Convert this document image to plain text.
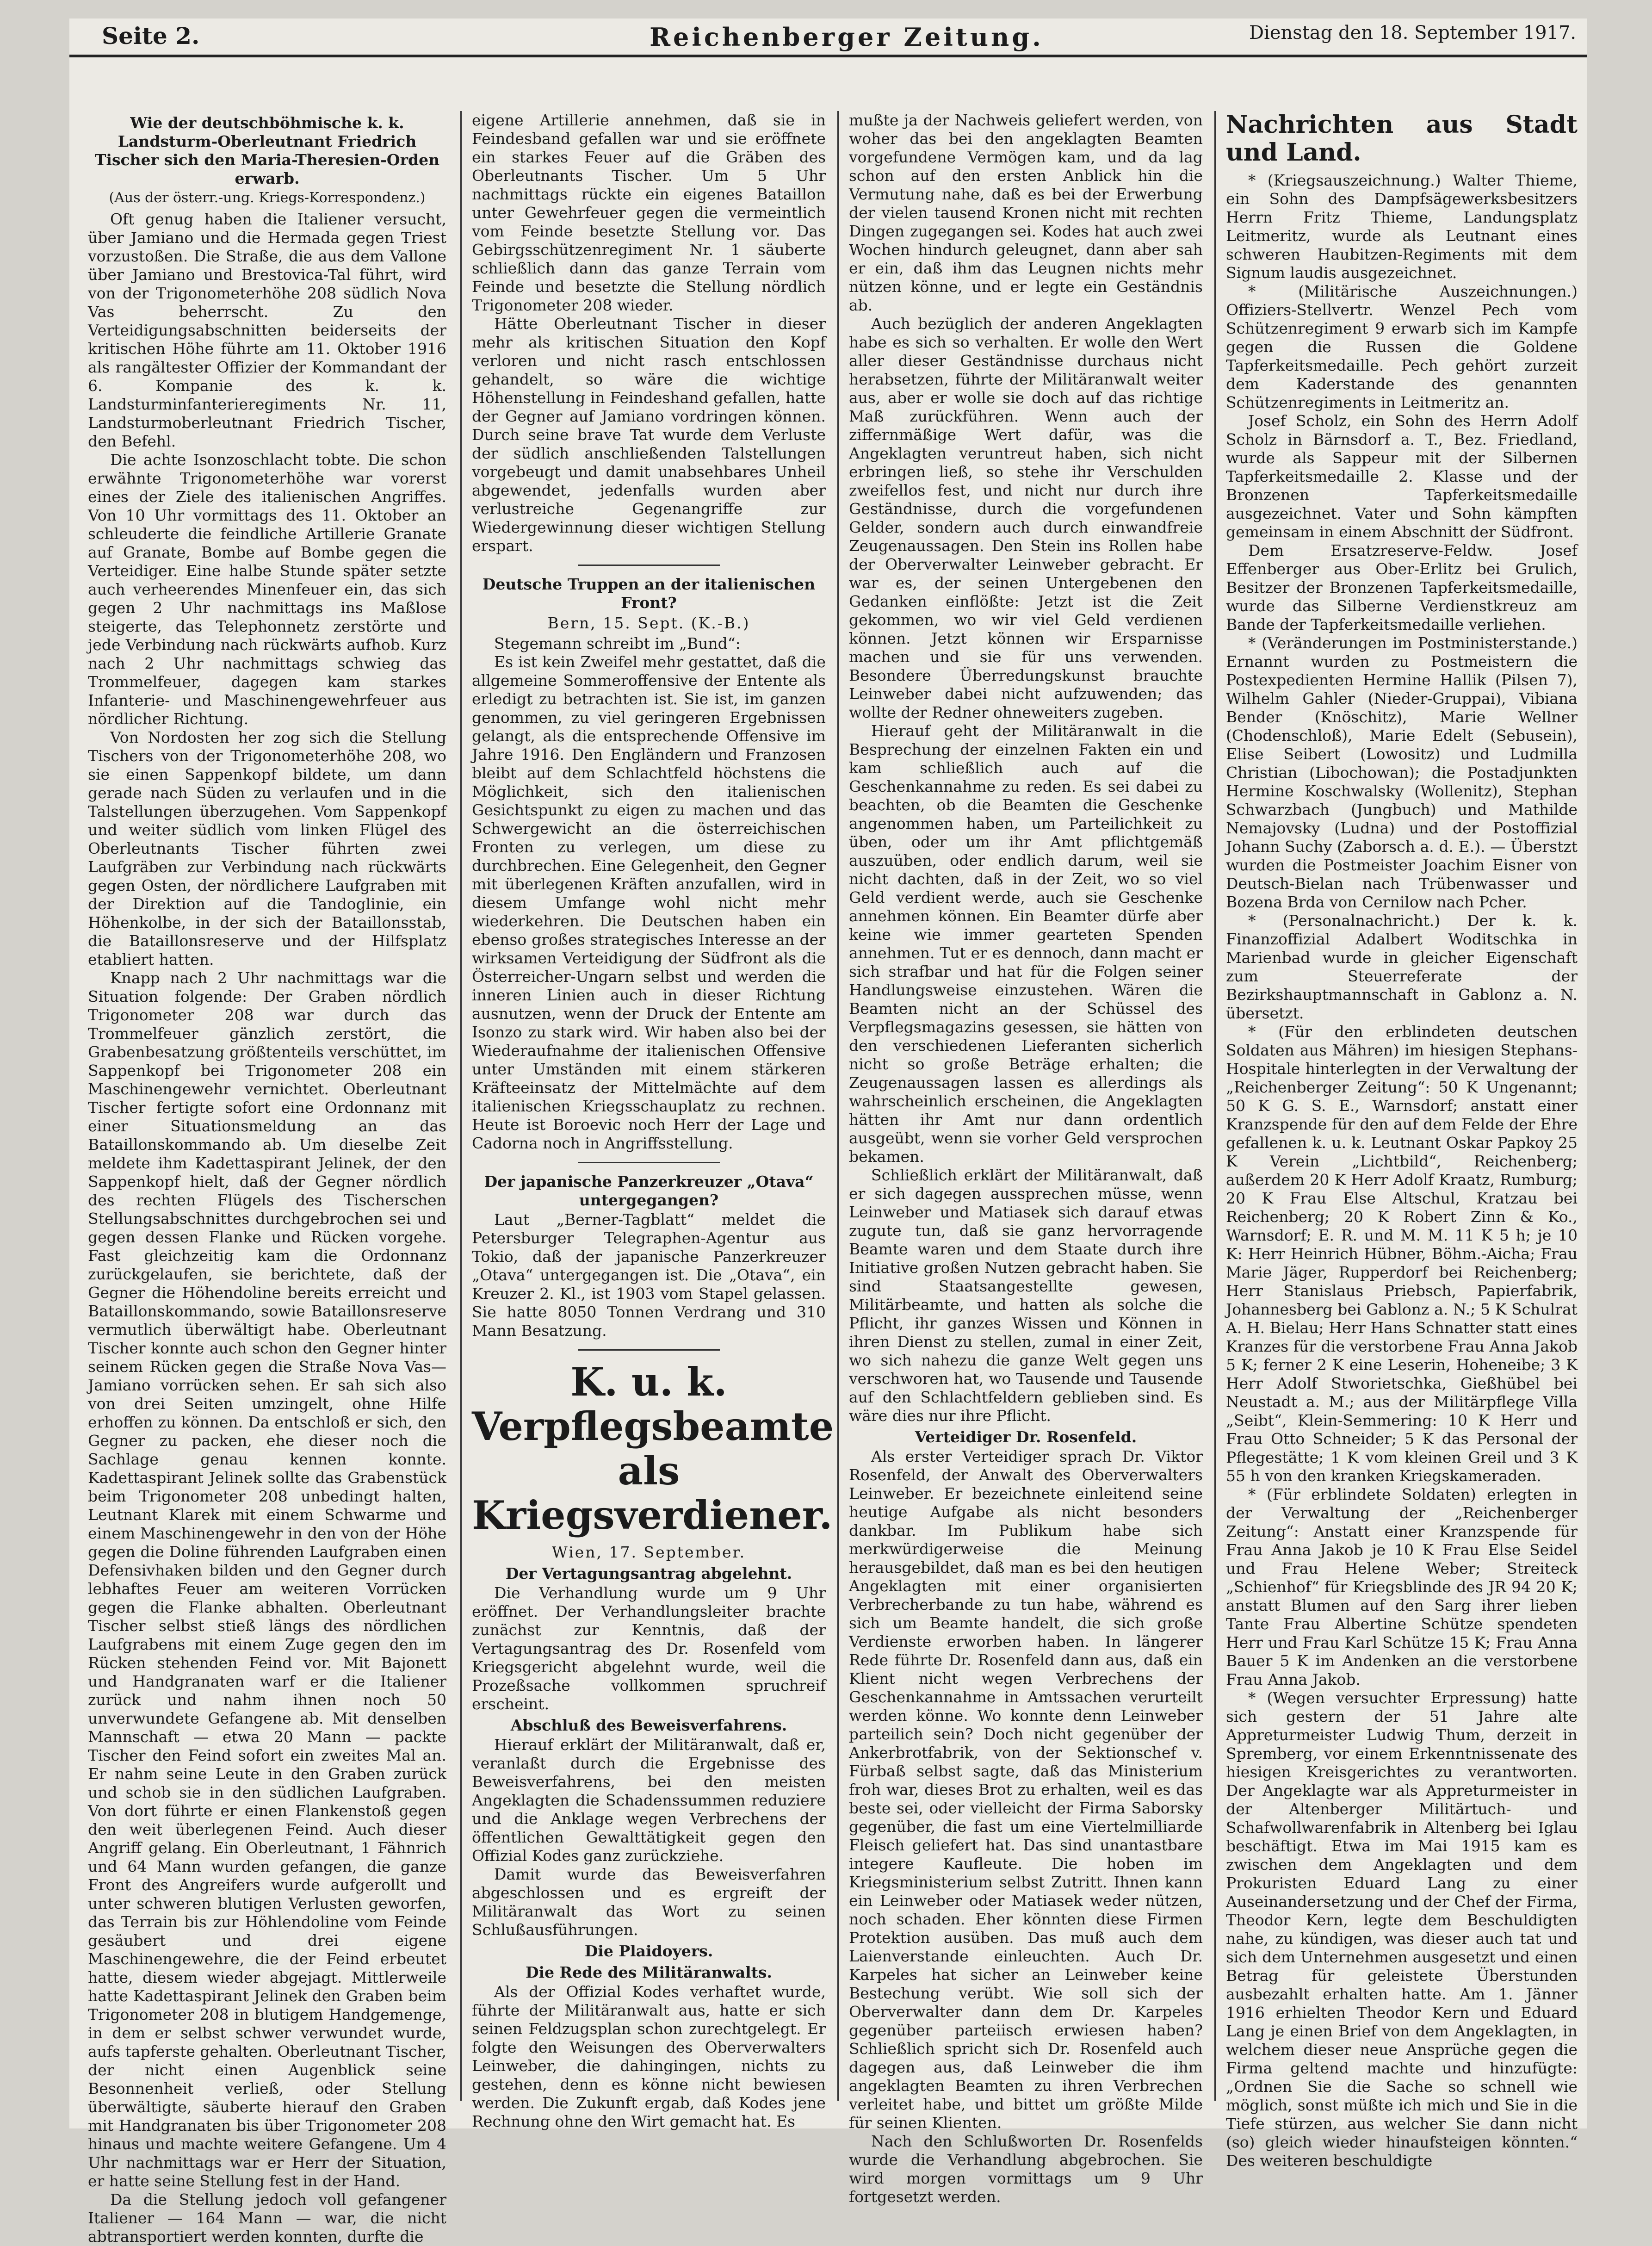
Seite 2.	Reichenberger Zeitung.	Dienstag den 18. September 1917.
Wie der deutschböhmische k. k. Landsturm-Oberleutnant Friedrich Tischer sich den Maria-Theresien-Orden erwarb.
(Aus der österr.-ung. Kriegs-Korrespondenz.)

Oft genug haben die Italiener versucht, über Jamiano und die Hermada gegen Triest vorzustoßen. Die Straße, die aus dem Vallone über Jamiano und Brestovica-Tal führt, wird von der Trigonometerhöhe 208 südlich Nova Vas beherrscht. Zu den Verteidigungsabschnitten beiderseits der kritischen Höhe führte am 11. Oktober 1916 als rangältester Offizier der Kommandant der 6. Kompanie des k. k. Landsturminfanterieregiments Nr. 11, Landsturmoberleutnant Friedrich Tischer, den Befehl.

Die achte Isonzoschlacht tobte. Die schon erwähnte Trigonometerhöhe war vorerst eines der Ziele des italienischen Angriffes. Von 10 Uhr vormittags des 11. Oktober an schleuderte die feindliche Artillerie Granate auf Granate, Bombe auf Bombe gegen die Verteidiger. Eine halbe Stunde später setzte auch verheerendes Minenfeuer ein, das sich gegen 2 Uhr nachmittags ins Maßlose steigerte, das Telephonnetz zerstörte und jede Verbindung nach rückwärts aufhob. Kurz nach 2 Uhr nachmittags schwieg das Trommelfeuer, dagegen kam starkes Infanterie- und Maschinengewehrfeuer aus nördlicher Richtung.

Von Nordosten her zog sich die Stellung Tischers von der Trigonometerhöhe 208, wo sie einen Sappenkopf bildete, um dann gerade nach Süden zu verlaufen und in die Talstellungen überzugehen. Vom Sappenkopf und weiter südlich vom linken Flügel des Oberleutnants Tischer führten zwei Laufgräben zur Verbindung nach rückwärts gegen Osten, der nördlichere Laufgraben mit der Direktion auf die Tandoglinie, ein Höhenkolbe, in der sich der Bataillonsstab, die Bataillonsreserve und der Hilfsplatz etabliert hatten.

Knapp nach 2 Uhr nachmittags war die Situation folgende: Der Graben nördlich Trigonometer 208 war durch das Trommelfeuer gänzlich zerstört, die Grabenbesatzung größtenteils verschüttet, im Sappenkopf bei Trigonometer 208 ein Maschinengewehr vernichtet. Oberleutnant Tischer fertigte sofort eine Ordonnanz mit einer Situationsmeldung an das Bataillonskommando ab. Um dieselbe Zeit meldete ihm Kadettaspirant Jelinek, der den Sappenkopf hielt, daß der Gegner nördlich des rechten Flügels des Tischerschen Stellungsabschnittes durchgebrochen sei und gegen dessen Flanke und Rücken vorgehe. Fast gleichzeitig kam die Ordonnanz zurückgelaufen, sie berichtete, daß der Gegner die Höhendoline bereits erreicht und Bataillonskommando, sowie Bataillonsreserve vermutlich überwältigt habe. Oberleutnant Tischer konnte auch schon den Gegner hinter seinem Rücken gegen die Straße Nova Vas—Jamiano vorrücken sehen. Er sah sich also von drei Seiten umzingelt, ohne Hilfe erhoffen zu können. Da entschloß er sich, den Gegner zu packen, ehe dieser noch die Sachlage genau kennen konnte. Kadettaspirant Jelinek sollte das Grabenstück beim Trigonometer 208 unbedingt halten, Leutnant Klarek mit einem Schwarme und einem Maschinengewehr in den von der Höhe gegen die Doline führenden Laufgraben einen Defensivhaken bilden und den Gegner durch lebhaftes Feuer am weiteren Vorrücken gegen die Flanke abhalten. Oberleutnant Tischer selbst stieß längs des nördlichen Laufgrabens mit einem Zuge gegen den im Rücken stehenden Feind vor. Mit Bajonett und Handgranaten warf er die Italiener zurück und nahm ihnen noch 50 unverwundete Gefangene ab. Mit denselben Mannschaft — etwa 20 Mann — packte Tischer den Feind sofort ein zweites Mal an. Er nahm seine Leute in den Graben zurück und schob sie in den südlichen Laufgraben. Von dort führte er einen Flankenstoß gegen den weit überlegenen Feind. Auch dieser Angriff gelang. Ein Oberleutnant, 1 Fähnrich und 64 Mann wurden gefangen, die ganze Front des Angreifers wurde aufgerollt und unter schweren blutigen Verlusten geworfen, das Terrain bis zur Höhlendoline vom Feinde gesäubert und drei eigene Maschinengewehre, die der Feind erbeutet hatte, diesem wieder abgejagt. Mittlerweile hatte Kadettaspirant Jelinek den Graben beim Trigonometer 208 in blutigem Handgemenge, in dem er selbst schwer verwundet wurde, aufs tapferste gehalten. Oberleutnant Tischer, der nicht einen Augenblick seine Besonnenheit verließ, oder Stellung überwältigte, säuberte hierauf den Graben mit Handgranaten bis über Trigonometer 208 hinaus und machte weitere Gefangene. Um 4 Uhr nachmittags war er Herr der Situation, er hatte seine Stellung fest in der Hand.

Da die Stellung jedoch voll gefangener Italiener — 164 Mann — war, die nicht abtransportiert werden konnten, durfte die

eigene Artillerie annehmen, daß sie in Feindesband gefallen war und sie eröffnete ein starkes Feuer auf die Gräben des Oberleutnants Tischer. Um 5 Uhr nachmittags rückte ein eigenes Bataillon unter Gewehrfeuer gegen die vermeintlich vom Feinde besetzte Stellung vor. Das Gebirgsschützenregiment Nr. 1 säuberte schließlich dann das ganze Terrain vom Feinde und besetzte die Stellung nördlich Trigonometer 208 wieder.

Hätte Oberleutnant Tischer in dieser mehr als kritischen Situation den Kopf verloren und nicht rasch entschlossen gehandelt, so wäre die wichtige Höhenstellung in Feindeshand gefallen, hatte der Gegner auf Jamiano vordringen können. Durch seine brave Tat wurde dem Verluste der südlich anschließenden Talstellungen vorgebeugt und damit unabsehbares Unheil abgewendet, jedenfalls wurden aber verlustreiche Gegenangriffe zur Wiedergewinnung dieser wichtigen Stellung erspart.

Deutsche Truppen an der italienischen Front?
Bern, 15. Sept. (K.-B.)

Stegemann schreibt im „Bund“:

Es ist kein Zweifel mehr gestattet, daß die allgemeine Sommeroffensive der Entente als erledigt zu betrachten ist. Sie ist, im ganzen genommen, zu viel geringeren Ergebnissen gelangt, als die entsprechende Offensive im Jahre 1916. Den Engländern und Franzosen bleibt auf dem Schlachtfeld höchstens die Möglichkeit, sich den italienischen Gesichtspunkt zu eigen zu machen und das Schwergewicht an die österreichischen Fronten zu verlegen, um diese zu durchbrechen. Eine Gelegenheit, den Gegner mit überlegenen Kräften anzufallen, wird in diesem Umfange wohl nicht mehr wiederkehren. Die Deutschen haben ein ebenso großes strategisches Interesse an der wirksamen Verteidigung der Südfront als die Österreicher-Ungarn selbst und werden die inneren Linien auch in dieser Richtung ausnutzen, wenn der Druck der Entente am Isonzo zu stark wird. Wir haben also bei der Wiederaufnahme der italienischen Offensive unter Umständen mit einem stärkeren Kräfteeinsatz der Mittelmächte auf dem italienischen Kriegsschauplatz zu rechnen. Heute ist Boroevic noch Herr der Lage und Cadorna noch in Angriffsstellung.

Der japanische Panzerkreuzer „Otava“ untergegangen?

Laut „Berner-Tagblatt“ meldet die Petersburger Telegraphen-Agentur aus Tokio, daß der japanische Panzerkreuzer „Otava“ untergegangen ist. Die „Otava“, ein Kreuzer 2. Kl., ist 1903 vom Stapel gelassen. Sie hatte 8050 Tonnen Verdrang und 310 Mann Besatzung.

K. u. k. Verpflegsbeamte als Kriegsverdiener.
Wien, 17. September.
Der Vertagungsantrag abgelehnt.

Die Verhandlung wurde um 9 Uhr eröffnet. Der Verhandlungsleiter brachte zunächst zur Kenntnis, daß der Vertagungsantrag des Dr. Rosenfeld vom Kriegsgericht abgelehnt wurde, weil die Prozeßsache vollkommen spruchreif erscheint.

Abschluß des Beweisverfahrens.

Hierauf erklärt der Militäranwalt, daß er, veranlaßt durch die Ergebnisse des Beweisverfahrens, bei den meisten Angeklagten die Schadenssummen reduziere und die Anklage wegen Verbrechens der öffentlichen Gewalttätigkeit gegen den Offizial Kodes ganz zurückziehe.

Damit wurde das Beweisverfahren abgeschlossen und es ergreift der Militäranwalt das Wort zu seinen Schlußausführungen.

Die Plaidoyers.
Die Rede des Militäranwalts.

Als der Offizial Kodes verhaftet wurde, führte der Militäranwalt aus, hatte er sich seinen Feldzugsplan schon zurechtgelegt. Er folgte den Weisungen des Oberverwalters Leinweber, die dahingingen, nichts zu gestehen, denn es könne nicht bewiesen werden. Die Zukunft ergab, daß Kodes jene Rechnung ohne den Wirt gemacht hat. Es

mußte ja der Nachweis geliefert werden, von woher das bei den angeklagten Beamten vorgefundene Vermögen kam, und da lag schon auf den ersten Anblick hin die Vermutung nahe, daß es bei der Erwerbung der vielen tausend Kronen nicht mit rechten Dingen zugegangen sei. Kodes hat auch zwei Wochen hindurch geleugnet, dann aber sah er ein, daß ihm das Leugnen nichts mehr nützen könne, und er legte ein Geständnis ab.

Auch bezüglich der anderen Angeklagten habe es sich so verhalten. Er wolle den Wert aller dieser Geständnisse durchaus nicht herabsetzen, führte der Militäranwalt weiter aus, aber er wolle sie doch auf das richtige Maß zurückführen. Wenn auch der ziffernmäßige Wert dafür, was die Angeklagten veruntreut haben, sich nicht erbringen ließ, so stehe ihr Verschulden zweifellos fest, und nicht nur durch ihre Geständnisse, durch die vorgefundenen Gelder, sondern auch durch einwandfreie Zeugenaussagen. Den Stein ins Rollen habe der Oberverwalter Leinweber gebracht. Er war es, der seinen Untergebenen den Gedanken einflößte: Jetzt ist die Zeit gekommen, wo wir viel Geld verdienen können. Jetzt können wir Ersparnisse machen und sie für uns verwenden. Besondere Überredungskunst brauchte Leinweber dabei nicht aufzuwenden; das wollte der Redner ohneweiters zugeben.

Hierauf geht der Militäranwalt in die Besprechung der einzelnen Fakten ein und kam schließlich auch auf die Geschenkannahme zu reden. Es sei dabei zu beachten, ob die Beamten die Geschenke angenommen haben, um Parteilichkeit zu üben, oder um ihr Amt pflichtgemäß auszuüben, oder endlich darum, weil sie nicht dachten, daß in der Zeit, wo so viel Geld verdient werde, auch sie Geschenke annehmen können. Ein Beamter dürfe aber keine wie immer gearteten Spenden annehmen. Tut er es dennoch, dann macht er sich strafbar und hat für die Folgen seiner Handlungsweise einzustehen. Wären die Beamten nicht an der Schüssel des Verpflegsmagazins gesessen, sie hätten von den verschiedenen Lieferanten sicherlich nicht so große Beträge erhalten; die Zeugenaussagen lassen es allerdings als wahrscheinlich erscheinen, die Angeklagten hätten ihr Amt nur dann ordentlich ausgeübt, wenn sie vorher Geld versprochen bekamen.

Schließlich erklärt der Militäranwalt, daß er sich dagegen aussprechen müsse, wenn Leinweber und Matiasek sich darauf etwas zugute tun, daß sie ganz hervorragende Beamte waren und dem Staate durch ihre Initiative großen Nutzen gebracht haben. Sie sind Staatsangestellte gewesen, Militärbeamte, und hatten als solche die Pflicht, ihr ganzes Wissen und Können in ihren Dienst zu stellen, zumal in einer Zeit, wo sich nahezu die ganze Welt gegen uns verschworen hat, wo Tausende und Tausende auf den Schlachtfeldern geblieben sind. Es wäre dies nur ihre Pflicht.

Verteidiger Dr. Rosenfeld.

Als erster Verteidiger sprach Dr. Viktor Rosenfeld, der Anwalt des Oberverwalters Leinweber. Er bezeichnete einleitend seine heutige Aufgabe als nicht besonders dankbar. Im Publikum habe sich merkwürdigerweise die Meinung herausgebildet, daß man es bei den heutigen Angeklagten mit einer organisierten Verbrecherbande zu tun habe, während es sich um Beamte handelt, die sich große Verdienste erworben haben. In längerer Rede führte Dr. Rosenfeld dann aus, daß ein Klient nicht wegen Verbrechens der Geschenkannahme in Amtssachen verurteilt werden könne. Wo konnte denn Leinweber parteilich sein? Doch nicht gegenüber der Ankerbrotfabrik, von der Sektionschef v. Fürbaß selbst sagte, daß das Ministerium froh war, dieses Brot zu erhalten, weil es das beste sei, oder vielleicht der Firma Saborsky gegenüber, die fast um eine Viertelmilliarde Fleisch geliefert hat. Das sind unantastbare integere Kaufleute. Die hoben im Kriegsministerium selbst Zutritt. Ihnen kann ein Leinweber oder Matiasek weder nützen, noch schaden. Eher könnten diese Firmen Protektion ausüben. Das muß auch dem Laienverstande einleuchten. Auch Dr. Karpeles hat sicher an Leinweber keine Bestechung verübt. Wie soll sich der Oberverwalter dann dem Dr. Karpeles gegenüber parteiisch erwiesen haben? Schließlich spricht sich Dr. Rosenfeld auch dagegen aus, daß Leinweber die ihm angeklagten Beamten zu ihren Verbrechen verleitet habe, und bittet um größte Milde für seinen Klienten.

Nach den Schlußworten Dr. Rosenfelds wurde die Verhandlung abgebrochen. Sie wird morgen vormittags um 9 Uhr fortgesetzt werden.

Nachrichten aus Stadt und Land.

* (Kriegsauszeichnung.) Walter Thieme, ein Sohn des Dampfsägewerksbesitzers Herrn Fritz Thieme, Landungsplatz Leitmeritz, wurde als Leutnant eines schweren Haubitzen-Regiments mit dem Signum laudis ausgezeichnet.

* (Militärische Auszeichnungen.) Offiziers-Stellvertr. Wenzel Pech vom Schützenregiment 9 erwarb sich im Kampfe gegen die Russen die Goldene Tapferkeitsmedaille. Pech gehört zurzeit dem Kaderstande des genannten Schützenregiments in Leitmeritz an.

Josef Scholz, ein Sohn des Herrn Adolf Scholz in Bärnsdorf a. T., Bez. Friedland, wurde als Sappeur mit der Silbernen Tapferkeitsmedaille 2. Klasse und der Bronzenen Tapferkeitsmedaille ausgezeichnet. Vater und Sohn kämpften gemeinsam in einem Abschnitt der Südfront.

Dem Ersatzreserve-Feldw. Josef Effenberger aus Ober-Erlitz bei Grulich, Besitzer der Bronzenen Tapferkeitsmedaille, wurde das Silberne Verdienstkreuz am Bande der Tapferkeitsmedaille verliehen.

* (Veränderungen im Postministerstande.) Ernannt wurden zu Postmeistern die Postexpedienten Hermine Hallik (Pilsen 7), Wilhelm Gahler (Nieder-Gruppai), Vibiana Bender (Knöschitz), Marie Wellner (Chodenschloß), Marie Edelt (Sebusein), Elise Seibert (Lowositz) und Ludmilla Christian (Libochowan); die Postadjunkten Hermine Koschwalsky (Wollenitz), Stephan Schwarzbach (Jungbuch) und Mathilde Nemajovsky (Ludna) und der Postoffizial Johann Suchy (Zaborsch a. d. E.). — Überstzt wurden die Postmeister Joachim Eisner von Deutsch-Bielan nach Trübenwasser und Bozena Brda von Cernilow nach Pcher.

* (Personalnachricht.) Der k. k. Finanzoffizial Adalbert Woditschka in Marienbad wurde in gleicher Eigenschaft zum Steuerreferate der Bezirkshauptmannschaft in Gablonz a. N. übersetzt.

* (Für den erblindeten deutschen Soldaten aus Mähren) im hiesigen Stephans-Hospitale hinterlegten in der Verwaltung der „Reichenberger Zeitung“: 50 K Ungenannt; 50 K G. S. E., Warnsdorf; anstatt einer Kranzspende für den auf dem Felde der Ehre gefallenen k. u. k. Leutnant Oskar Papkoy 25 K Verein „Lichtbild“, Reichenberg; außerdem 20 K Herr Adolf Kraatz, Rumburg; 20 K Frau Else Altschul, Kratzau bei Reichenberg; 20 K Robert Zinn & Ko., Warnsdorf; E. R. und M. M. 11 K 5 h; je 10 K: Herr Heinrich Hübner, Böhm.-Aicha; Frau Marie Jäger, Rupperdorf bei Reichenberg; Herr Stanislaus Priebsch, Papierfabrik, Johannesberg bei Gablonz a. N.; 5 K Schulrat A. H. Bielau; Herr Hans Schnatter statt eines Kranzes für die verstorbene Frau Anna Jakob 5 K; ferner 2 K eine Leserin, Hoheneibe; 3 K Herr Adolf Stworietschka, Gießhübel bei Neustadt a. M.; aus der Militärpflege Villa „Seibt“, Klein-Semmering: 10 K Herr und Frau Otto Schneider; 5 K das Personal der Pflegestätte; 1 K vom kleinen Greil und 3 K 55 h von den kranken Kriegskameraden.

* (Für erblindete Soldaten) erlegten in der Verwaltung der „Reichenberger Zeitung“: Anstatt einer Kranzspende für Frau Anna Jakob je 10 K Frau Else Seidel und Frau Helene Weber; Streiteck „Schienhof“ für Kriegsblinde des JR 94 20 K; anstatt Blumen auf den Sarg ihrer lieben Tante Frau Albertine Schütze spendeten Herr und Frau Karl Schütze 15 K; Frau Anna Bauer 5 K im Andenken an die verstorbene Frau Anna Jakob.

* (Wegen versuchter Erpressung) hatte sich gestern der 51 Jahre alte Appreturmeister Ludwig Thum, derzeit in Spremberg, vor einem Erkenntnissenate des hiesigen Kreisgerichtes zu verantworten. Der Angeklagte war als Appreturmeister in der Altenberger Militärtuch- und Schafwollwarenfabrik in Altenberg bei Iglau beschäftigt. Etwa im Mai 1915 kam es zwischen dem Angeklagten und dem Prokuristen Eduard Lang zu einer Auseinandersetzung und der Chef der Firma, Theodor Kern, legte dem Beschuldigten nahe, zu kündigen, was dieser auch tat und sich dem Unternehmen ausgesetzt und einen Betrag für geleistete Überstunden ausbezahlt erhalten hatte. Am 1. Jänner 1916 erhielten Theodor Kern und Eduard Lang je einen Brief von dem Angeklagten, in welchem dieser neue Ansprüche gegen die Firma geltend machte und hinzufügte: „Ordnen Sie die Sache so schnell wie möglich, sonst müßte ich mich und Sie in die Tiefe stürzen, aus welcher Sie dann nicht (so) gleich wieder hinaufsteigen könnten.“ Des weiteren beschuldigte
